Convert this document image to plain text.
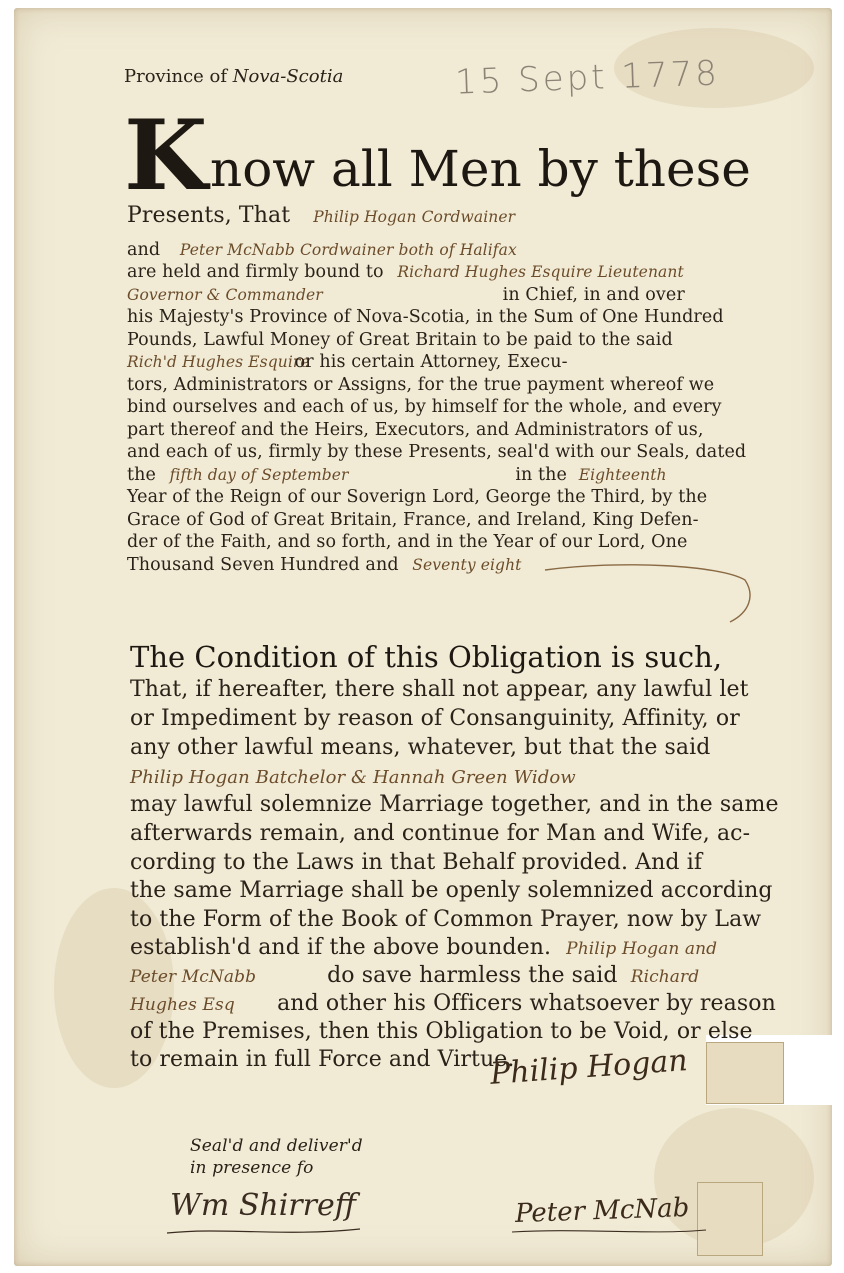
Province of Nova-Scotia	15 Sept 1778
K now all Men by these
Presents, That Philip Hogan Cordwainer
and Peter McNabb Cordwainer both of Halifax
are held and firmly bound to Richard Hughes Esquire Lieutenant
Governor & Commander	in Chief, in and over
his Majesty's Province of Nova-Scotia, in the Sum of One Hundred
Pounds, Lawful Money of Great Britain to be paid to the said
Rich'd Hughes Esquire or his certain Attorney, Execu-
tors, Administrators or Assigns, for the true payment whereof we
bind ourselves and each of us, by himself for the whole, and every
part thereof and the Heirs, Executors, and Administrators of us,
and each of us, firmly by these Presents, seal'd with our Seals, dated
the fifth day of September	in the Eighteenth
Year of the Reign of our Soverign Lord, George the Third, by the
Grace of God of Great Britain, France, and Ireland, King Defen-
der of the Faith, and so forth, and in the Year of our Lord, One
Thousand Seven Hundred and Seventy eight
The Condition of this Obligation is such,
That, if hereafter, there shall not appear, any lawful let
or Impediment by reason of Consanguinity, Affinity, or
any other lawful means, whatever, but that the said
Philip Hogan Batchelor & Hannah Green Widow
may lawful solemnize Marriage together, and in the same
afterwards remain, and continue for Man and Wife, ac-
cording to the Laws in that Behalf provided. And if
the same Marriage shall be openly solemnized according
to the Form of the Book of Common Prayer, now by Law
establish'd and if the above bounden. Philip Hogan and
Peter McNabb	do save harmless the said Richard
Hughes Esq and other his Officers whatsoever by reason
of the Premises, then this Obligation to be Void, or else
to remain in full Force and Virtue.
Philip Hogan
Seal'd and deliver'd
in presence fo
Wm Shirreff	Peter McNab
